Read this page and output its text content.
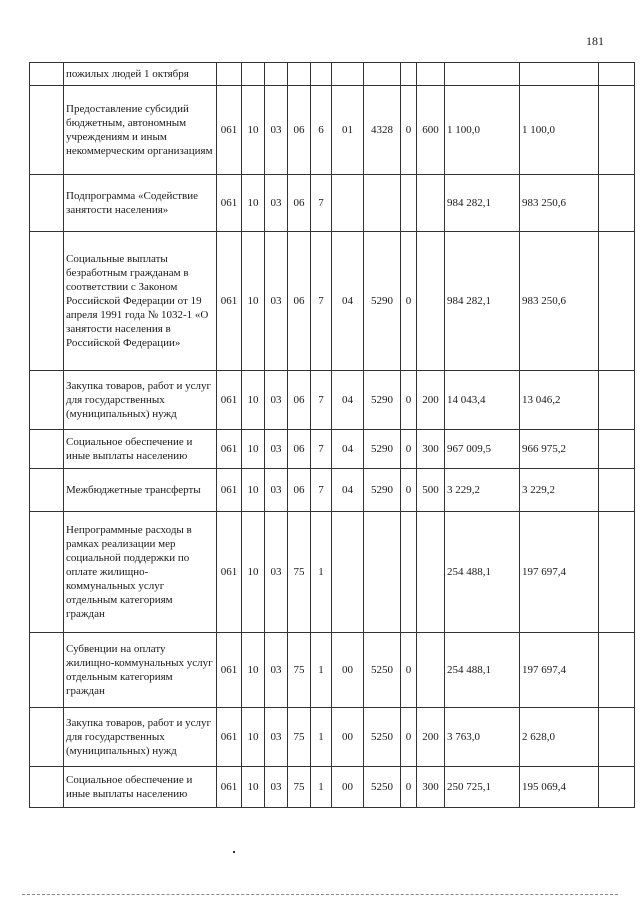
181
	пожилых людей 1 октября												
	Предоставление субсидий бюджетным, автономным учреждениям и иным некоммерческим организациям	061	10	03	06	6	01	4328	0	600	1 100,0	1 100,0	
	Подпрограмма «Содействие занятости населения»	061	10	03	06	7					984 282,1	983 250,6	
	Социальные выплаты безработным гражданам в соответствии с Законом Российской Федерации от 19 апреля 1991 года № 1032-1 «О занятости населения в Российской Федерации»	061	10	03	06	7	04	5290	0		984 282,1	983 250,6	
	Закупка товаров, работ и услуг для государственных (муниципальных) нужд	061	10	03	06	7	04	5290	0	200	14 043,4	13 046,2	
	Социальное обеспечение и иные выплаты населению	061	10	03	06	7	04	5290	0	300	967 009,5	966 975,2	
	Межбюджетные трансферты	061	10	03	06	7	04	5290	0	500	3 229,2	3 229,2	
	Непрограммные расходы в рамках реализации мер социальной поддержки по оплате жилищно-коммунальных услуг отдельным категориям граждан	061	10	03	75	1					254 488,1	197 697,4	
	Субвенции на оплату жилищно-коммунальных услуг отдельным категориям граждан	061	10	03	75	1	00	5250	0		254 488,1	197 697,4	
	Закупка товаров, работ и услуг для государственных (муниципальных) нужд	061	10	03	75	1	00	5250	0	200	3 763,0	2 628,0	
	Социальное обеспечение и иные выплаты населению	061	10	03	75	1	00	5250	0	300	250 725,1	195 069,4	
